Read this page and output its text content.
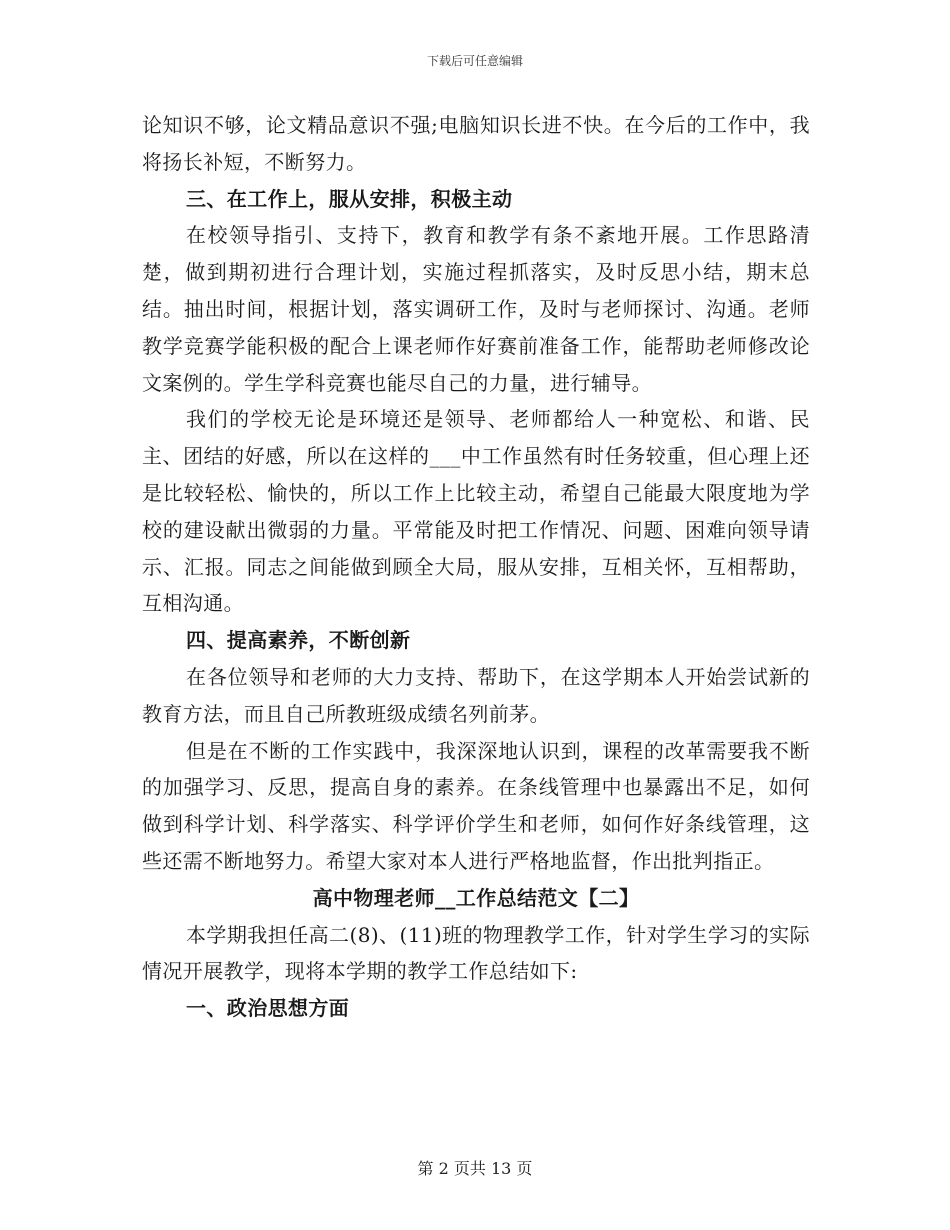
下载后可任意编辑

论知识不够，论文精品意识不强;电脑知识长进不快。在今后的工作中，我将扬长补短，不断努力。

三、在工作上，服从安排，积极主动

在校领导指引、支持下，教育和教学有条不紊地开展。工作思路清楚，做到期初进行合理计划，实施过程抓落实，及时反思小结，期末总结。抽出时间，根据计划，落实调研工作，及时与老师探讨、沟通。老师教学竞赛学能积极的配合上课老师作好赛前准备工作，能帮助老师修改论文案例的。学生学科竞赛也能尽自己的力量，进行辅导。

我们的学校无论是环境还是领导、老师都给人一种宽松、和谐、民主、团结的好感，所以在这样的___中工作虽然有时任务较重，但心理上还是比较轻松、愉快的，所以工作上比较主动，希望自己能最大限度地为学校的建设献出微弱的力量。平常能及时把工作情况、问题、困难向领导请示、汇报。同志之间能做到顾全大局，服从安排，互相关怀，互相帮助，互相沟通。

四、提高素养，不断创新

在各位领导和老师的大力支持、帮助下，在这学期本人开始尝试新的教育方法，而且自己所教班级成绩名列前茅。

但是在不断的工作实践中，我深深地认识到，课程的改革需要我不断的加强学习、反思，提高自身的素养。在条线管理中也暴露出不足，如何做到科学计划、科学落实、科学评价学生和老师，如何作好条线管理，这些还需不断地努力。希望大家对本人进行严格地监督，作出批判指正。

高中物理老师__工作总结范文【二】

本学期我担任高二(8)、(11)班的物理教学工作，针对学生学习的实际情况开展教学，现将本学期的教学工作总结如下:

一、政治思想方面

第 2 页共 13 页
